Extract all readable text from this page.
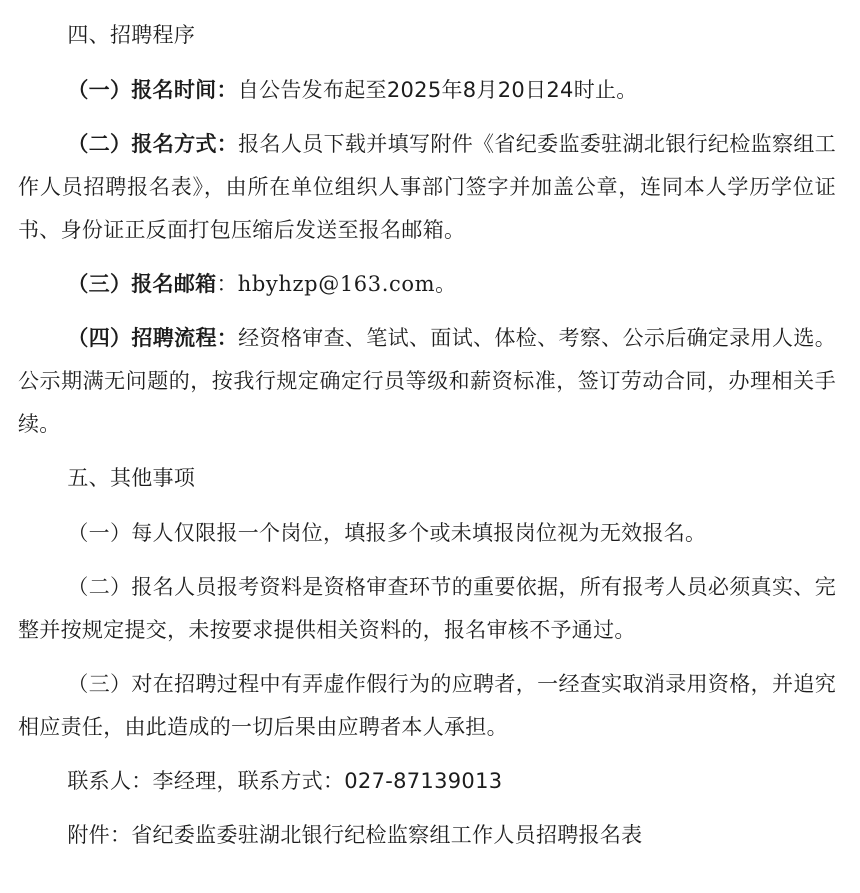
四、招聘程序

（一）报名时间：自公告发布起至2025年8月20日24时止。

（二）报名方式：报名人员下载并填写附件《省纪委监委驻湖北银行纪检监察组工作人员招聘报名表》，由所在单位组织人事部门签字并加盖公章，连同本人学历学位证书、身份证正反面打包压缩后发送至报名邮箱。

（三）报名邮箱：hbyhzp@163.com。

（四）招聘流程：经资格审查、笔试、面试、体检、考察、公示后确定录用人选。公示期满无问题的，按我行规定确定行员等级和薪资标准，签订劳动合同，办理相关手续。

五、其他事项

（一）每人仅限报一个岗位，填报多个或未填报岗位视为无效报名。

（二）报名人员报考资料是资格审查环节的重要依据，所有报考人员必须真实、完整并按规定提交，未按要求提供相关资料的，报名审核不予通过。

（三）对在招聘过程中有弄虚作假行为的应聘者，一经查实取消录用资格，并追究相应责任，由此造成的一切后果由应聘者本人承担。

联系人：李经理，联系方式：027-87139013

附件：省纪委监委驻湖北银行纪检监察组工作人员招聘报名表
